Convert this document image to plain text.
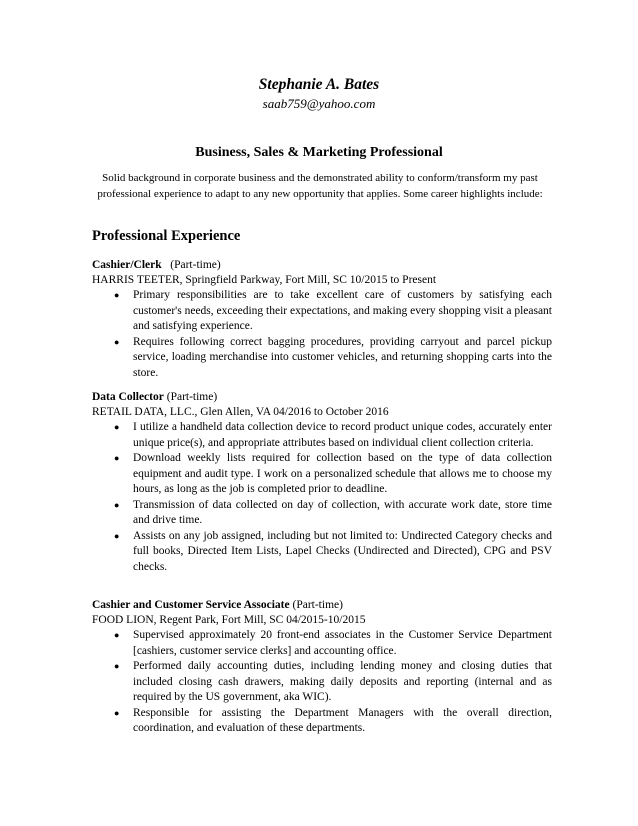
Stephanie A. Bates
saab759@yahoo.com
Business, Sales & Marketing Professional
Solid background in corporate business and the demonstrated ability to conform/transform my past professional experience to adapt to any new opportunity that applies. Some career highlights include:
Professional Experience
Cashier/Clerk (Part-time)
HARRIS TEETER, Springfield Parkway, Fort Mill, SC 10/2015 to Present
● Primary responsibilities are to take excellent care of customers by satisfying each customer's needs, exceeding their expectations, and making every shopping visit a pleasant and satisfying experience.
● Requires following correct bagging procedures, providing carryout and parcel pickup service, loading merchandise into customer vehicles, and returning shopping carts into the store.
Data Collector (Part-time)
RETAIL DATA, LLC., Glen Allen, VA 04/2016 to October 2016
● I utilize a handheld data collection device to record product unique codes, accurately enter unique price(s), and appropriate attributes based on individual client collection criteria.
● Download weekly lists required for collection based on the type of data collection equipment and audit type. I work on a personalized schedule that allows me to choose my hours, as long as the job is completed prior to deadline.
● Transmission of data collected on day of collection, with accurate work date, store time and drive time.
● Assists on any job assigned, including but not limited to: Undirected Category checks and full books, Directed Item Lists, Lapel Checks (Undirected and Directed), CPG and PSV checks.
Cashier and Customer Service Associate (Part-time)
FOOD LION, Regent Park, Fort Mill, SC 04/2015-10/2015
● Supervised approximately 20 front-end associates in the Customer Service Department [cashiers, customer service clerks] and accounting office.
● Performed daily accounting duties, including lending money and closing duties that included closing cash drawers, making daily deposits and reporting (internal and as required by the US government, aka WIC).
● Responsible for assisting the Department Managers with the overall direction, coordination, and evaluation of these departments.
